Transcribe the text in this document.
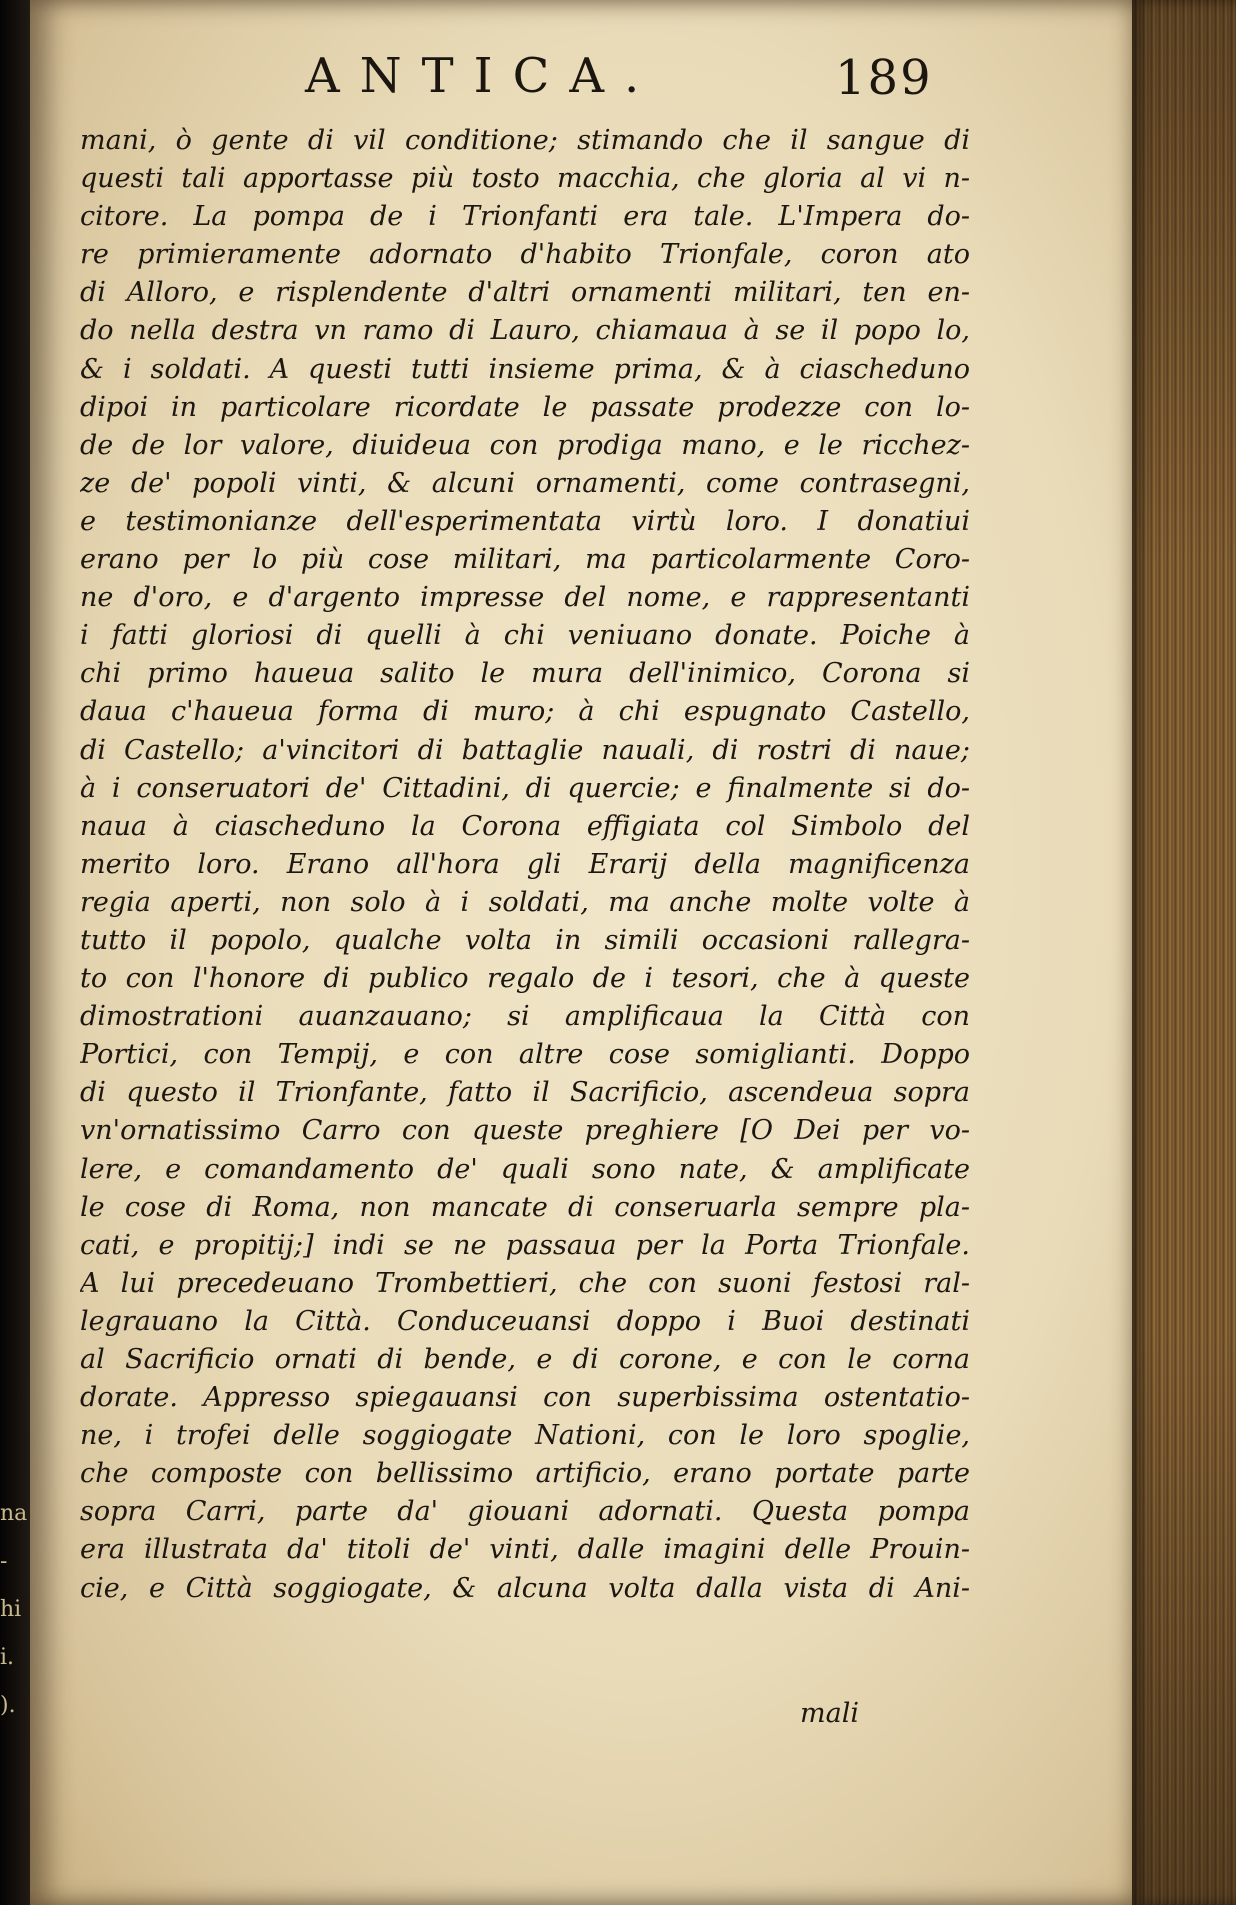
na
-
hi
i.
).
ANTICA.	189
mani, ò gente di vil conditione; stimando che il sangue di
questi tali apportasse più tosto macchia, che gloria al vi n-
citore. La pompa de i Trionfanti era tale. L'Impera do-
re primieramente adornato d'habito Trionfale, coron ato
di Alloro, e risplendente d'altri ornamenti militari, ten en-
do nella destra vn ramo di Lauro, chiamaua à se il popo lo,
& i soldati. A questi tutti insieme prima, & à ciascheduno
dipoi in particolare ricordate le passate prodezze con lo-
de de lor valore, diuideua con prodiga mano, e le ricchez-
ze de' popoli vinti, & alcuni ornamenti, come contrasegni,
e testimonianze dell'esperimentata virtù loro. I donatiui
erano per lo più cose militari, ma particolarmente Coro-
ne d'oro, e d'argento impresse del nome, e rappresentanti
i fatti gloriosi di quelli à chi veniuano donate. Poiche à
chi primo haueua salito le mura dell'inimico, Corona si
daua c'haueua forma di muro; à chi espugnato Castello,
di Castello; a'vincitori di battaglie nauali, di rostri di naue;
à i conseruatori de' Cittadini, di quercie; e finalmente si do-
naua à ciascheduno la Corona effigiata col Simbolo del
merito loro. Erano all'hora gli Erarij della magnificenza
regia aperti, non solo à i soldati, ma anche molte volte à
tutto il popolo, qualche volta in simili occasioni rallegra-
to con l'honore di publico regalo de i tesori, che à queste
dimostrationi auanzauano; si amplificaua la Città con
Portici, con Tempij, e con altre cose somiglianti. Doppo
di questo il Trionfante, fatto il Sacrificio, ascendeua sopra
vn'ornatissimo Carro con queste preghiere [O Dei per vo-
lere, e comandamento de' quali sono nate, & amplificate
le cose di Roma, non mancate di conseruarla sempre pla-
cati, e propitij;] indi se ne passaua per la Porta Trionfale.
A lui precedeuano Trombettieri, che con suoni festosi ral-
legrauano la Città. Conduceuansi doppo i Buoi destinati
al Sacrificio ornati di bende, e di corone, e con le corna
dorate. Appresso spiegauansi con superbissima ostentatio-
ne, i trofei delle soggiogate Nationi, con le loro spoglie,
che composte con bellissimo artificio, erano portate parte
sopra Carri, parte da' giouani adornati. Questa pompa
era illustrata da' titoli de' vinti, dalle imagini delle Prouin-
cie, e Città soggiogate, & alcuna volta dalla vista di Ani-
mali
